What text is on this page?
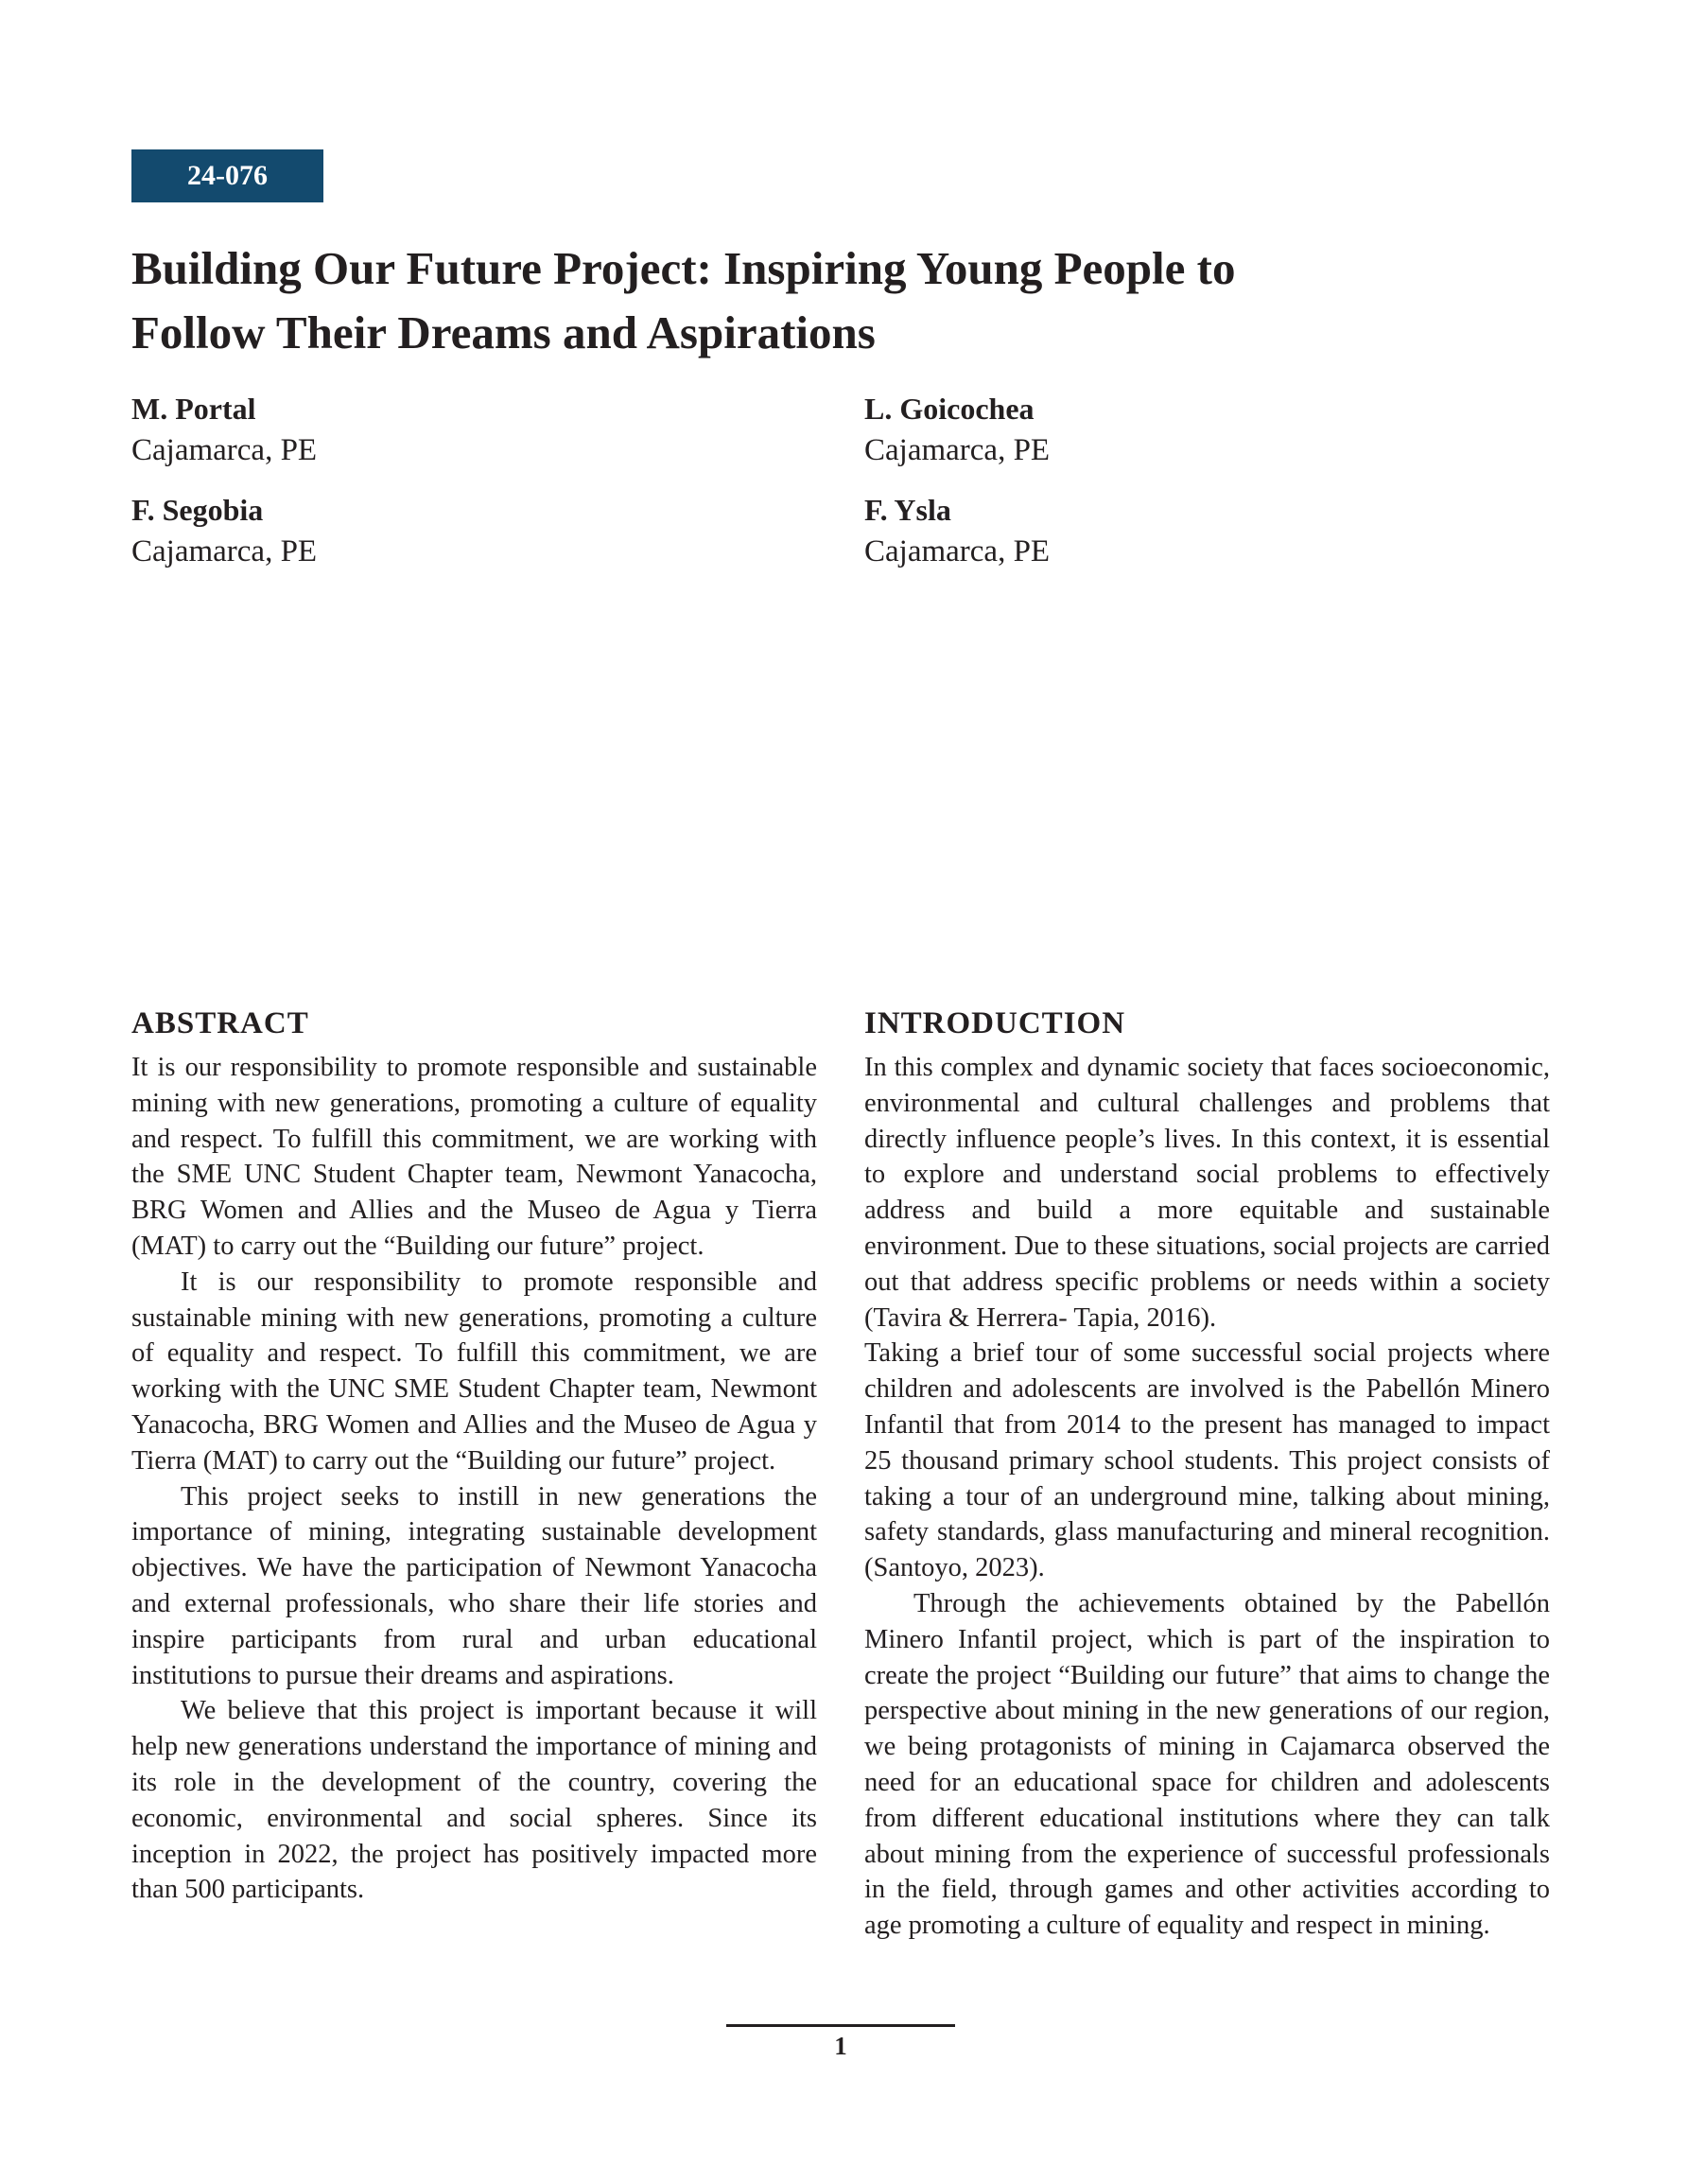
24-076
Building Our Future Project: Inspiring Young People to
Follow Their Dreams and Aspirations
M. Portal
Cajamarca, PE
L. Goicochea
Cajamarca, PE
F. Segobia
Cajamarca, PE
F. Ysla
Cajamarca, PE
ABSTRACT

It is our responsibility to promote responsible and sustainable mining with new generations, promoting a culture of equality and respect. To fulfill this commitment, we are working with the SME UNC Student Chapter team, Newmont Yanacocha, BRG Women and Allies and the Museo de Agua y Tierra (MAT) to carry out the “Building our future” project.

It is our responsibility to promote responsible and sustainable mining with new generations, promoting a culture of equality and respect. To fulfill this commitment, we are working with the UNC SME Student Chapter team, Newmont Yanacocha, BRG Women and Allies and the Museo de Agua y Tierra (MAT) to carry out the “Building our future” project.

This project seeks to instill in new generations the importance of mining, integrating sustainable development objectives. We have the participation of Newmont Yanacocha and external professionals, who share their life stories and inspire participants from rural and urban educational institutions to pursue their dreams and aspirations.

We believe that this project is important because it will help new generations understand the importance of mining and its role in the development of the country, covering the economic, environmental and social spheres. Since its inception in 2022, the project has positively impacted more than 500 participants.

INTRODUCTION

In this complex and dynamic society that faces socioeconomic, environmental and cultural challenges and problems that directly influence people’s lives. In this context, it is essential to explore and understand social problems to effectively address and build a more equitable and sustainable environment. Due to these situations, social projects are carried out that address specific problems or needs within a society (Tavira & Herrera- Tapia, 2016).

Taking a brief tour of some successful social projects where children and adolescents are involved is the Pabellón Minero Infantil that from 2014 to the present has managed to impact 25 thousand primary school students. This project consists of taking a tour of an underground mine, talking about mining, safety standards, glass manufacturing and mineral recognition. (Santoyo, 2023).

Through the achievements obtained by the Pabellón Minero Infantil project, which is part of the inspiration to create the project “Building our future” that aims to change the perspective about mining in the new generations of our region, we being protagonists of mining in Cajamarca observed the need for an educational space for children and adolescents from different educational institutions where they can talk about mining from the experience of successful professionals in the field, through games and other activities according to age promoting a culture of equality and respect in mining.

1
